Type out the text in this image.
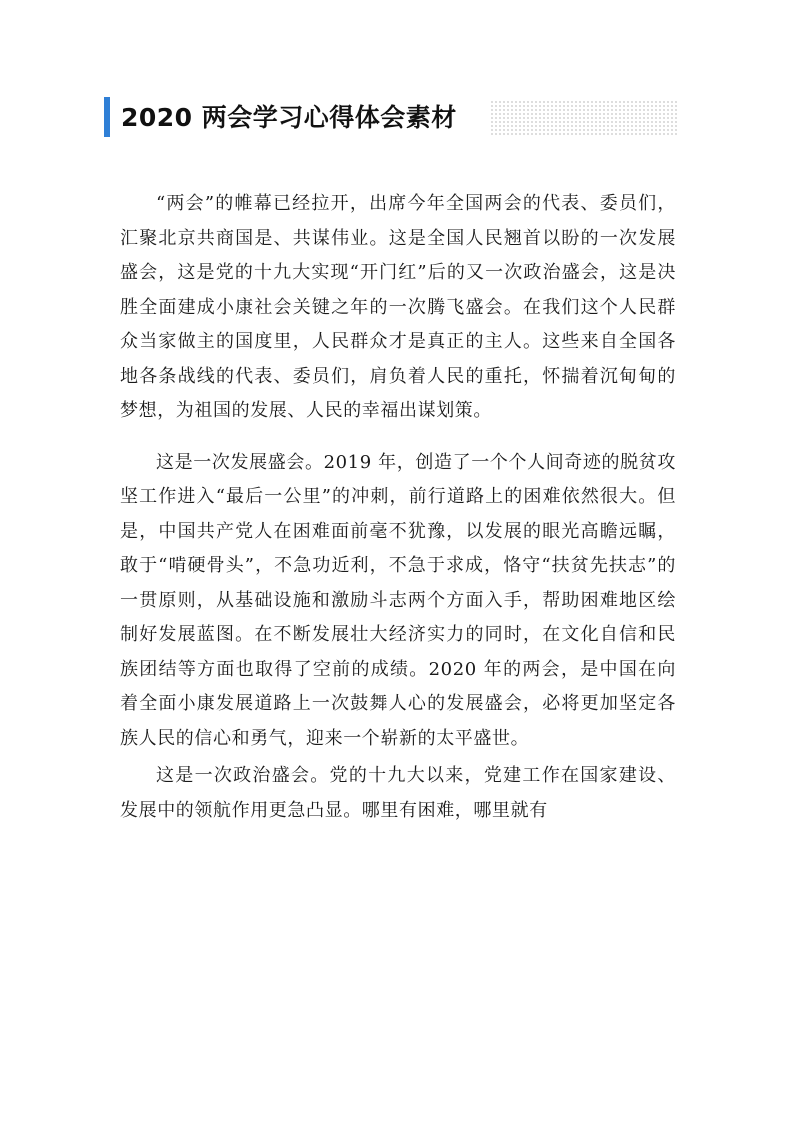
2020 两会学习心得体会素材

“两会”的帷幕已经拉开，出席今年全国两会的代表、委员们，汇聚北京共商国是、共谋伟业。这是全国人民翘首以盼的一次发展盛会，这是党的十九大实现“开门红”后的又一次政治盛会，这是决胜全面建成小康社会关键之年的一次腾飞盛会。在我们这个人民群众当家做主的国度里，人民群众才是真正的主人。这些来自全国各地各条战线的代表、委员们，肩负着人民的重托，怀揣着沉甸甸的梦想，为祖国的发展、人民的幸福出谋划策。

这是一次发展盛会。2019 年，创造了一个个人间奇迹的脱贫攻坚工作进入“最后一公里”的冲刺，前行道路上的困难依然很大。但是，中国共产党人在困难面前毫不犹豫，以发展的眼光高瞻远瞩，敢于“啃硬骨头”，不急功近利，不急于求成，恪守“扶贫先扶志”的一贯原则，从基础设施和激励斗志两个方面入手，帮助困难地区绘制好发展蓝图。在不断发展壮大经济实力的同时，在文化自信和民族团结等方面也取得了空前的成绩。2020 年的两会，是中国在向着全面小康发展道路上一次鼓舞人心的发展盛会，必将更加坚定各族人民的信心和勇气，迎来一个崭新的太平盛世。

这是一次政治盛会。党的十九大以来，党建工作在国家建设、发展中的领航作用更急凸显。哪里有困难，哪里就有
